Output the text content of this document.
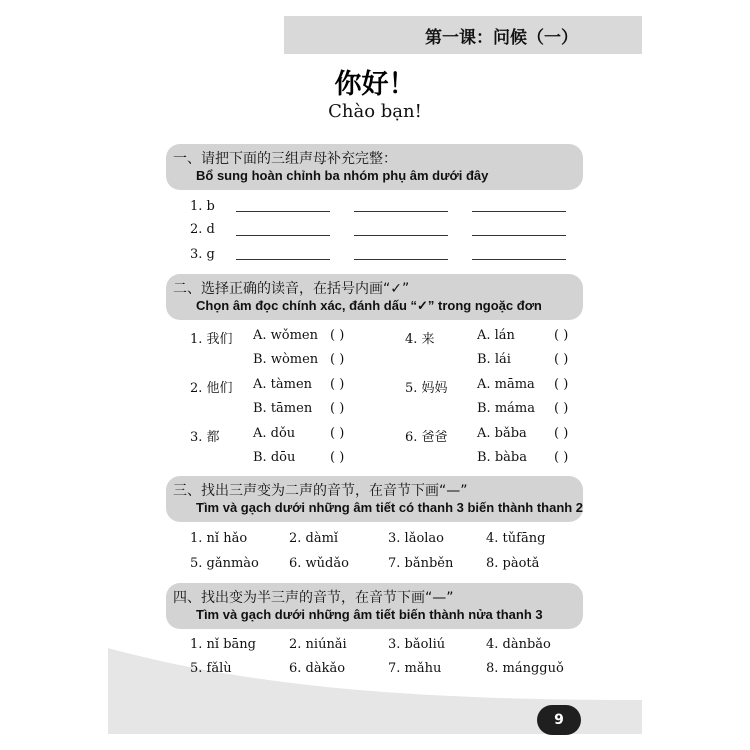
第一课：问候（一）
你好！
Chào bạn!
一、请把下面的三组声母补充完整：
Bổ sung hoàn chỉnh ba nhóm phụ âm dưới đây
1. b
2. d
3. g
二、选择正确的读音，在括号内画“✓”
Chọn âm đọc chính xác, đánh dấu “✓” trong ngoặc đơn
1. 我们 A. wǒmen ( )
B. wòmen ( )
2. 他们 A. tàmen ( )
B. tāmen ( )
3. 都	A. dǒu	( )
B. dōu	( )
4. 来	A. lán	( )
B. lái	( )
5. 妈妈 A. māma ( )
B. máma ( )
6. 爸爸 A. bǎba ( )
B. bàba ( )
三、找出三声变为二声的音节，在音节下画“—”
Tìm và gạch dưới những âm tiết có thanh 3 biến thành thanh 2
1. nǐ hǎo	2. dàmǐ	3. lǎolao	4. tǔfāng
5. gǎnmào 6. wǔdǎo	7. bǎnběn	8. pàotǎ
四、找出变为半三声的音节，在音节下画“—”
Tìm và gạch dưới những âm tiết biến thành nửa thanh 3
1. nǐ bāng	2. niúnǎi	3. bǎoliú	4. dànbǎo
5. fǎlù	6. dàkǎo	7. mǎhu	8. mángguǒ
9
